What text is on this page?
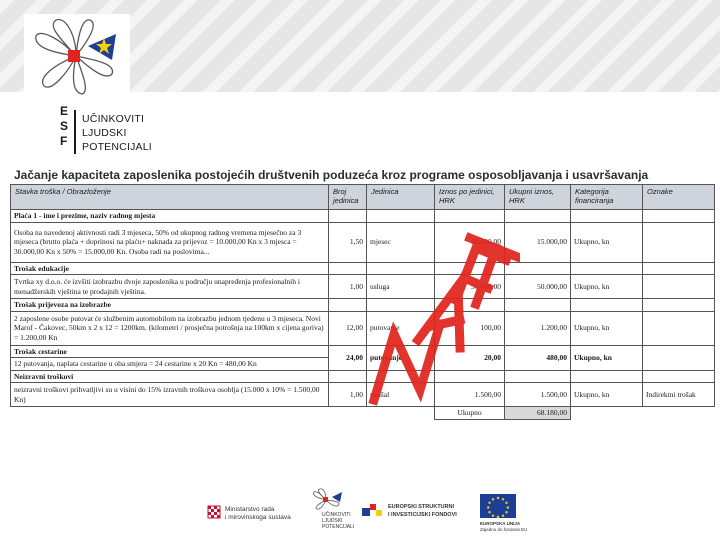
E
S
F
UČINKOVITI
LJUDSKI
POTENCIJALI
Jačanje kapaciteta zaposlenika postojećih društvenih poduzeća kroz programe osposobljavanja i usavršavanja
Stavka troška / Obrazloženje	Broj jedinica	Jedinica	Iznos po jedinici, HRK	Ukupni iznos, HRK	Kategorija financiranja	Oznake
Plaća 1 - ime i prezime, naziv radnog mjesta						
Osoba na navedenoj aktivnosti radi 3 mjeseca, 50% od ukupnog radnog vremena mjesečno za 3 mjeseca (brutto plaća + doprinosi na plaću+ naknada za prijevoz = 10.000,00 Kn x 3 mjesca = 30.000,00 Kn x 50% = 15.000,00 Kn. Osoba radi na poslovima...	1,50	mjesec	10.000,00	15.000,00	Ukupno, kn	
Trošak edukacije						
Tvrtka xy d.o.o. će izvšiti izobrazbu dvoje zaposlenika u području unapređenja profesionalnih i menadžerskih vještina te prodajnih vještina.	1,00	usluga	50.000,00	50.000,00	Ukupno, kn	
Trošak prijevoza na izobrazbe						
2 zaposlene osobe putovat će službenim automobilom na izobrazbu jednom tjedenu u 3 mjeseca. Novi Marof - Čakovec, 50km x 2 x 12 = 1200km. (kilometri / prosječna potrošnja na 100km x cijena goriva) = 1.200,00 Kn	12,00	putovanje	100,00	1.200,00	Ukupno, kn	
Trošak cestarine	24,00	putovanje	20,00	480,00	Ukupno, kn	
12 putovanja, naplata cestarine u oba smjera = 24 cestarine x 20 Kn = 480,00 Kn						
Neizravni troškovi						
neizravni troškovi prihvatljivi su u visini do 15% izravnih troškova osoblja (15.000 x 10% = 1.500,00 Kn)	1,00	paušal	1.500,00	1.500,00	Ukupno, kn	Indirektni trošak
			Ukupno	68.180,00		
Ministarstvo rada
i mirovinskoga sustava	UČINKOVITI
LJUDSKI
POTENCIJALI
EUROPSKI STRUKTURNI
I INVESTICIJSKI FONDOVI
EUROPSKA UNIJA
Zajedno do fondova EU
